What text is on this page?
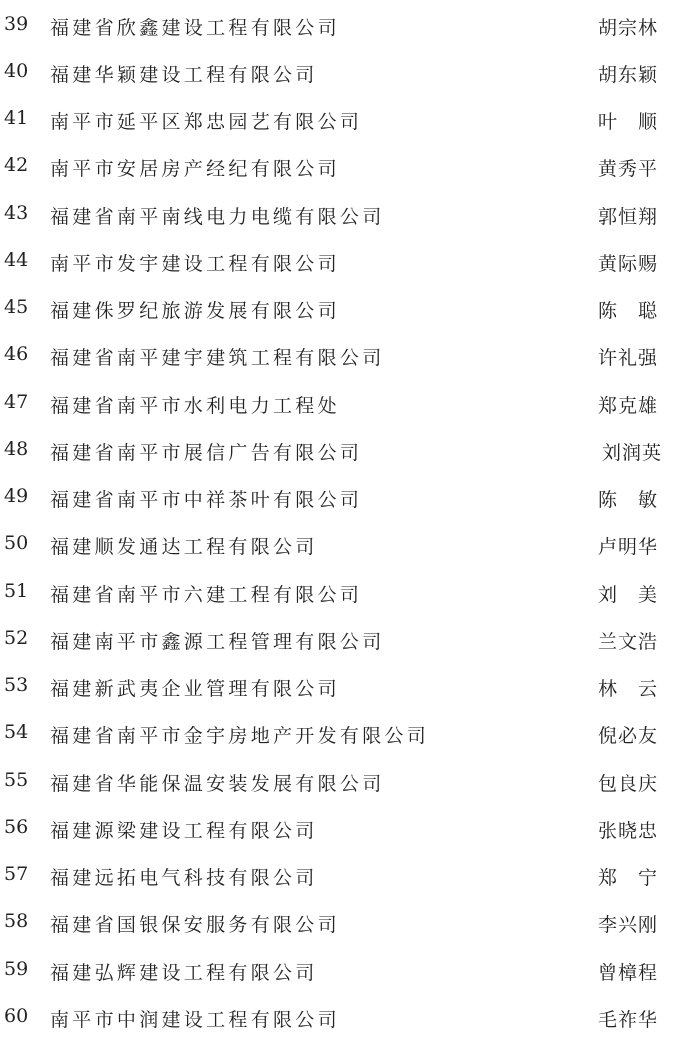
39 福建省欣鑫建设工程有限公司	胡宗林
40 福建华颖建设工程有限公司	胡东颖
41 南平市延平区郑忠园艺有限公司	叶　顺
42 南平市安居房产经纪有限公司	黄秀平
43 福建省南平南线电力电缆有限公司	郭恒翔
44 南平市发宇建设工程有限公司	黄际赐
45 福建侏罗纪旅游发展有限公司	陈　聪
46 福建省南平建宇建筑工程有限公司	许礼强
47 福建省南平市水利电力工程处	郑克雄
48 福建省南平市展信广告有限公司	刘润英
49 福建省南平市中祥茶叶有限公司	陈　敏
50 福建顺发通达工程有限公司	卢明华
51 福建省南平市六建工程有限公司	刘　美
52 福建南平市鑫源工程管理有限公司	兰文浩
53 福建新武夷企业管理有限公司	林　云
54 福建省南平市金宇房地产开发有限公司	倪必友
55 福建省华能保温安装发展有限公司	包良庆
56 福建源梁建设工程有限公司	张晓忠
57 福建远拓电气科技有限公司	郑　宁
58 福建省国银保安服务有限公司	李兴刚
59 福建弘辉建设工程有限公司	曾樟程
60 南平市中润建设工程有限公司	毛祚华
